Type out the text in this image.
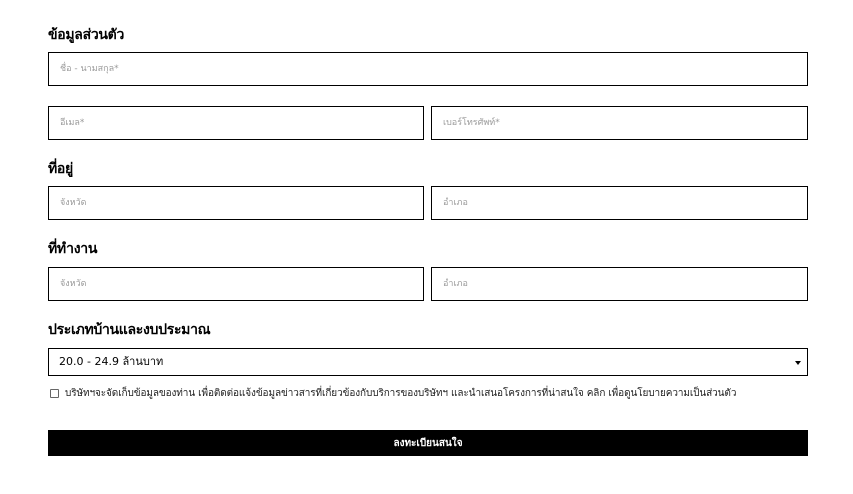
ข้อมูลส่วนตัว
ชื่อ - นามสกุล*
อีเมล*
เบอร์โทรศัพท์*
ที่อยู่
จังหวัด
อำเภอ
ที่ทำงาน
จังหวัด
อำเภอ
ประเภทบ้านและงบประมาณ
20.0 - 24.9 ล้านบาท
บริษัทฯจะจัดเก็บข้อมูลของท่าน เพื่อติดต่อแจ้งข้อมูลข่าวสารที่เกี่ยวข้องกับบริการของบริษัทฯ และนำเสนอโครงการที่น่าสนใจ คลิก เพื่อดูนโยบายความเป็นส่วนตัว
ลงทะเบียนสนใจ
